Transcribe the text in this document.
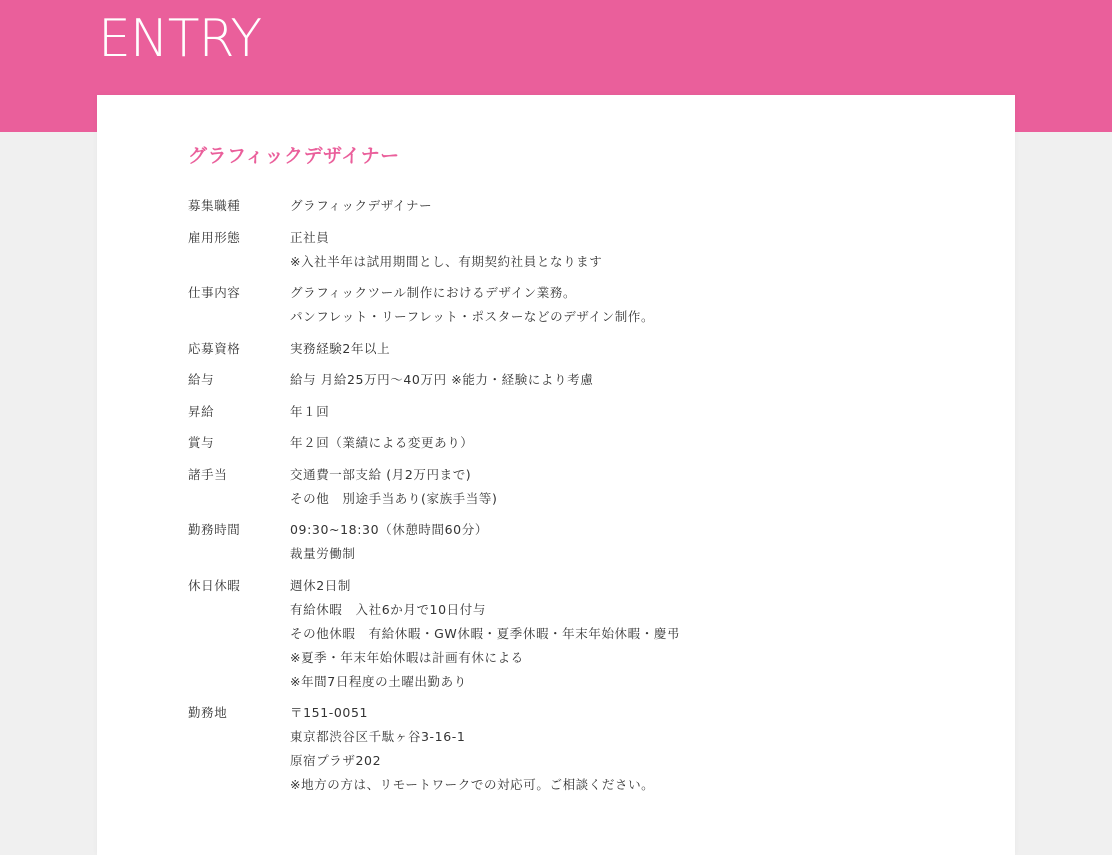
ENTRY
グラフィックデザイナー
募集職種	グラフィックデザイナー
雇用形態	正社員
※入社半年は試用期間とし、有期契約社員となります
仕事内容	グラフィックツール制作におけるデザイン業務。
パンフレット・リーフレット・ポスターなどのデザイン制作。
応募資格	実務経験2年以上
給与	給与 月給25万円～40万円 ※能力・経験により考慮
昇給	年１回
賞与	年２回（業績による変更あり）
諸手当	交通費一部支給 (月2万円まで)
その他　別途手当あり(家族手当等)
勤務時間	09:30~18:30（休憩時間60分）
裁量労働制
休日休暇	週休2日制
有給休暇　入社6か月で10日付与
その他休暇　有給休暇・GW休暇・夏季休暇・年末年始休暇・慶弔
※夏季・年末年始休暇は計画有休による
※年間7日程度の土曜出勤あり
勤務地	〒151-0051
東京都渋谷区千駄ヶ谷3-16-1
原宿プラザ202
※地方の方は、リモートワークでの対応可。ご相談ください。
